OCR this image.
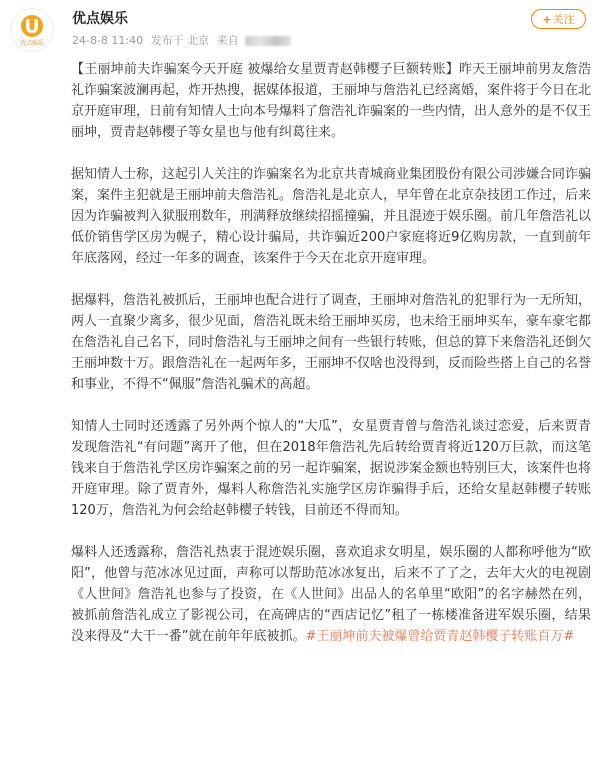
优点娱乐
优点娱乐
24-8-8 11:40 发布于 北京 来自
+关注

【王丽坤前夫诈骗案今天开庭 被爆给女星贾青赵韩樱子巨额转账】昨天王丽坤前男友詹浩礼诈骗案波澜再起，炸开热搜，据媒体报道，王丽坤与詹浩礼已经离婚，案件将于今日在北京开庭审理，日前有知情人士向本号爆料了詹浩礼诈骗案的一些内情，出人意外的是不仅王丽坤，贾青赵韩樱子等女星也与他有纠葛往来。

据知情人士称，这起引人关注的诈骗案名为北京共青城商业集团股份有限公司涉嫌合同诈骗案，案件主犯就是王丽坤前夫詹浩礼。詹浩礼是北京人，早年曾在北京杂技团工作过，后来因为诈骗被判入狱服刑数年，刑满释放继续招摇撞骗，并且混迹于娱乐圈。前几年詹浩礼以低价销售学区房为幌子，精心设计骗局，共诈骗近200户家庭将近9亿购房款，一直到前年年底落网，经过一年多的调查，该案件于今天在北京开庭审理。

据爆料，詹浩礼被抓后，王丽坤也配合进行了调查，王丽坤对詹浩礼的犯罪行为一无所知，两人一直聚少离多，很少见面，詹浩礼既未给王丽坤买房，也未给王丽坤买车，豪车豪宅都在詹浩礼自己名下，同时詹浩礼与王丽坤之间有一些银行转账，但总的算下来詹浩礼还倒欠王丽坤数十万。跟詹浩礼在一起两年多，王丽坤不仅啥也没得到，反而险些搭上自己的名誉和事业，不得不“佩服”詹浩礼骗术的高超。

知情人士同时还透露了另外两个惊人的“大瓜”，女星贾青曾与詹浩礼谈过恋爱，后来贾青发现詹浩礼“有问题”离开了他，但在2018年詹浩礼先后转给贾青将近120万巨款，而这笔钱来自于詹浩礼学区房诈骗案之前的另一起诈骗案，据说涉案金额也特别巨大，该案件也将开庭审理。除了贾青外，爆料人称詹浩礼实施学区房诈骗得手后，还给女星赵韩樱子转账120万，詹浩礼为何会给赵韩樱子转钱，目前还不得而知。

爆料人还透露称，詹浩礼热衷于混迹娱乐圈，喜欢追求女明星，娱乐圈的人都称呼他为“欧阳”，他曾与范冰冰见过面，声称可以帮助范冰冰复出，后来不了了之，去年大火的电视剧《人世间》詹浩礼也参与了投资，在《人世间》出品人的名单里“欧阳”的名字赫然在列，被抓前詹浩礼成立了影视公司，在高碑店的“西店记忆”租了一栋楼准备进军娱乐圈，结果没来得及“大干一番”就在前年年底被抓。#王丽坤前夫被爆曾给贾青赵韩樱子转账百万#
